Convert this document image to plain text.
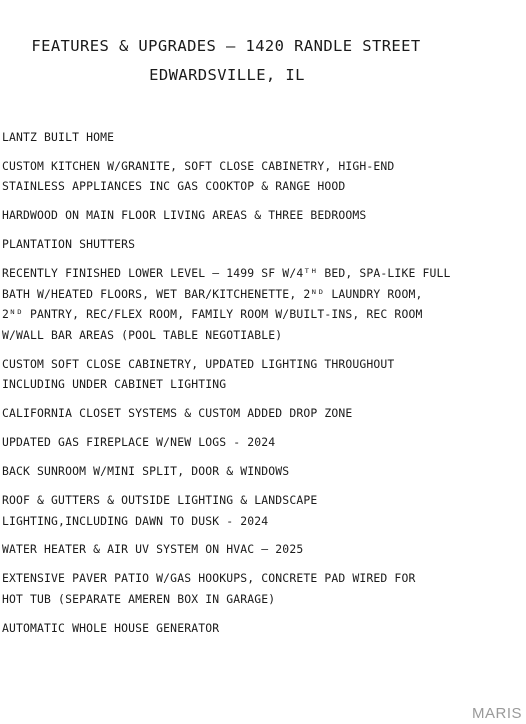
FEATURES & UPGRADES – 1420 RANDLE STREET
EDWARDSVILLE, IL
LANTZ BUILT HOME
CUSTOM KITCHEN W/GRANITE, SOFT CLOSE CABINETRY, HIGH-END
STAINLESS APPLIANCES INC GAS COOKTOP & RANGE HOOD
HARDWOOD ON MAIN FLOOR LIVING AREAS & THREE BEDROOMS
PLANTATION SHUTTERS
RECENTLY FINISHED LOWER LEVEL – 1499 SF W/4ᵀᴴ BED, SPA-LIKE FULL
BATH W/HEATED FLOORS, WET BAR/KITCHENETTE, 2ᴺᴰ LAUNDRY ROOM,
2ᴺᴰ PANTRY, REC/FLEX ROOM, FAMILY ROOM W/BUILT-INS, REC ROOM
W/WALL BAR AREAS (POOL TABLE NEGOTIABLE)
CUSTOM SOFT CLOSE CABINETRY, UPDATED LIGHTING THROUGHOUT
INCLUDING UNDER CABINET LIGHTING
CALIFORNIA CLOSET SYSTEMS & CUSTOM ADDED DROP ZONE
UPDATED GAS FIREPLACE W/NEW LOGS - 2024
BACK SUNROOM W/MINI SPLIT, DOOR & WINDOWS
ROOF & GUTTERS & OUTSIDE LIGHTING & LANDSCAPE
LIGHTING,INCLUDING DAWN TO DUSK - 2024
WATER HEATER & AIR UV SYSTEM ON HVAC – 2025
EXTENSIVE PAVER PATIO W/GAS HOOKUPS, CONCRETE PAD WIRED FOR
HOT TUB (SEPARATE AMEREN BOX IN GARAGE)
AUTOMATIC WHOLE HOUSE GENERATOR
MARIS
